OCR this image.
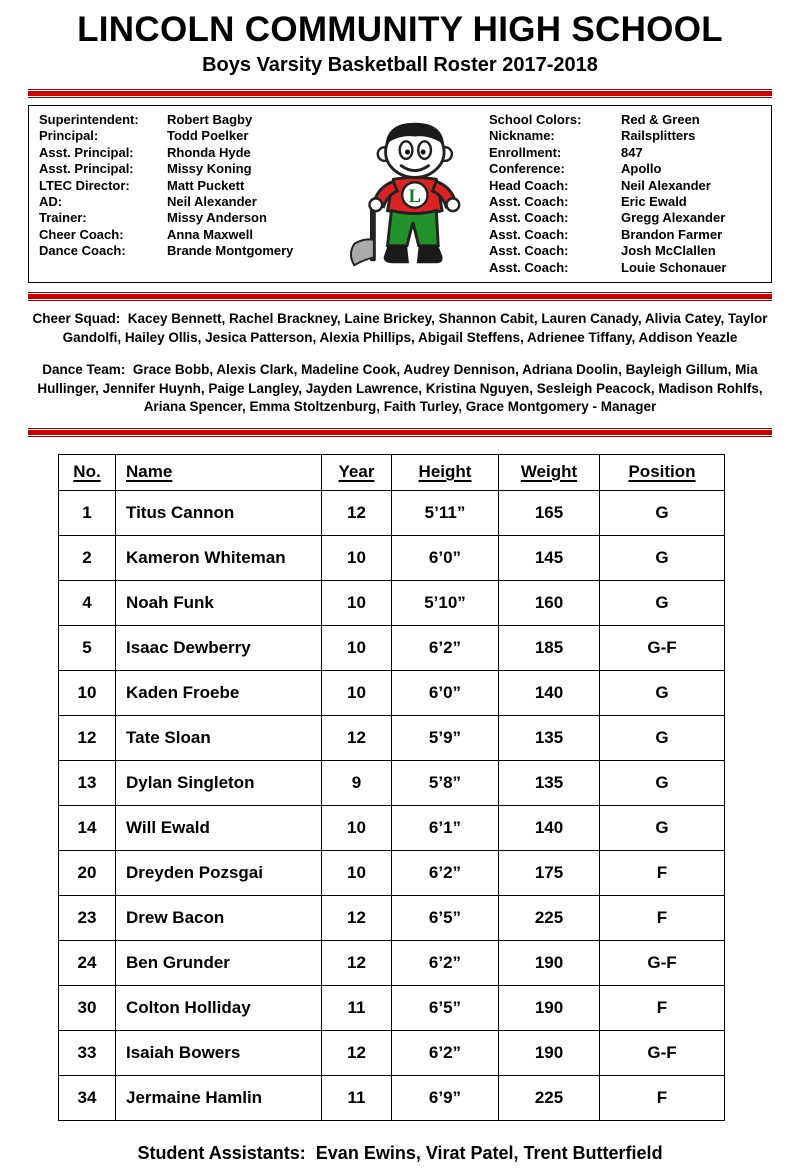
LINCOLN COMMUNITY HIGH SCHOOL
Boys Varsity Basketball Roster 2017-2018
Superintendent:	Robert Bagby
Principal:	Todd Poelker
Asst. Principal:	Rhonda Hyde
Asst. Principal:	Missy Koning
LTEC Director:	Matt Puckett
AD:	Neil Alexander
Trainer:	Missy Anderson
Cheer Coach:	Anna Maxwell
Dance Coach:	Brande Montgomery
L
School Colors:	Red & Green
Nickname:	Railsplitters
Enrollment:	847
Conference:	Apollo
Head Coach:	Neil Alexander
Asst. Coach:	Eric Ewald
Asst. Coach:	Gregg Alexander
Asst. Coach:	Brandon Farmer
Asst. Coach:	Josh McClallen
Asst. Coach:	Louie Schonauer

Cheer Squad:  Kacey Bennett, Rachel Brackney, Laine Brickey, Shannon Cabit, Lauren Canady, Alivia Catey, Taylor Gandolfi, Hailey Ollis, Jesica Patterson, Alexia Phillips, Abigail Steffens, Adrienee Tiffany, Addison Yeazle

Dance Team:  Grace Bobb, Alexis Clark, Madeline Cook, Audrey Dennison, Adriana Doolin, Bayleigh Gillum, Mia Hullinger, Jennifer Huynh, Paige Langley, Jayden Lawrence, Kristina Nguyen, Sesleigh Peacock, Madison Rohlfs, Ariana Spencer, Emma Stoltzenburg, Faith Turley, Grace Montgomery - Manager

No.	Name	Year	Height	Weight	Position
1	Titus Cannon	12	5’11”	165	G
2	Kameron Whiteman	10	6’0”	145	G
4	Noah Funk	10	5’10”	160	G
5	Isaac Dewberry	10	6’2”	185	G-F
10	Kaden Froebe	10	6’0”	140	G
12	Tate Sloan	12	5’9”	135	G
13	Dylan Singleton	9	5’8”	135	G
14	Will Ewald	10	6’1”	140	G
20	Dreyden Pozsgai	10	6’2”	175	F
23	Drew Bacon	12	6’5”	225	F
24	Ben Grunder	12	6’2”	190	G-F
30	Colton Holliday	11	6’5”	190	F
33	Isaiah Bowers	12	6’2”	190	G-F
34	Jermaine Hamlin	11	6’9”	225	F

Student Assistants:  Evan Ewins, Virat Patel, Trent Butterfield
